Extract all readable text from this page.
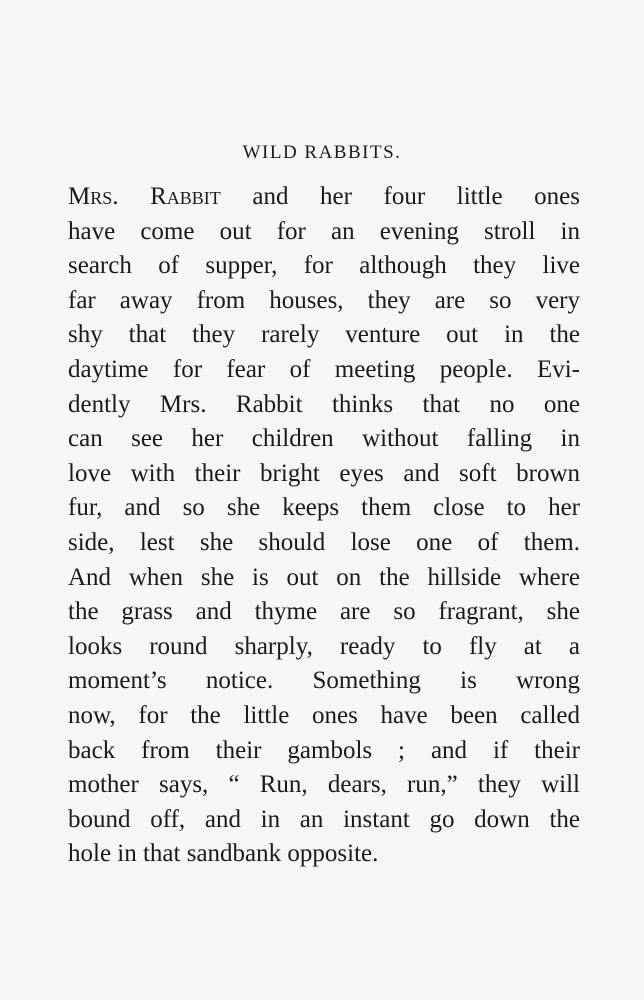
WILD RABBITS.
Mrs. Rabbit and her four little ones
have come out for an evening stroll in
search of supper, for although they live
far away from houses, they are so very
shy that they rarely venture out in the
daytime for fear of meeting people. Evi-
dently Mrs. Rabbit thinks that no one
can see her children without falling in
love with their bright eyes and soft brown
fur, and so she keeps them close to her
side, lest she should lose one of them.
And when she is out on the hillside where
the grass and thyme are so fragrant, she
looks round sharply, ready to fly at a
moment’s notice. Something is wrong
now, for the little ones have been called
back from their gambols ; and if their
mother says, “ Run, dears, run,” they will
bound off, and in an instant go down the
hole in that sandbank opposite.
